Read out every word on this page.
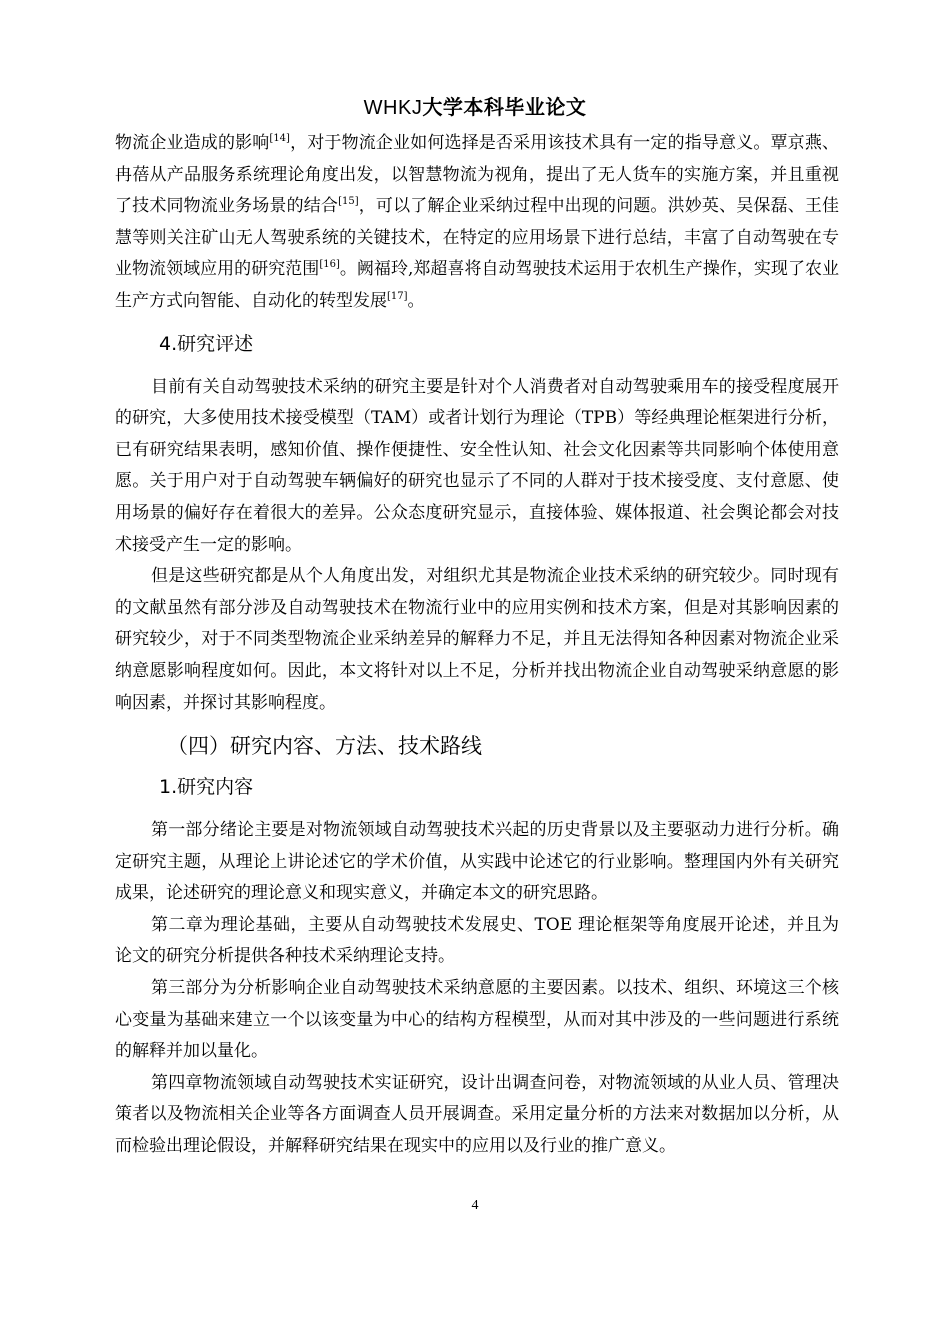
WHKJ大学本科毕业论文

物流企业造成的影响[14]，对于物流企业如何选择是否采用该技术具有一定的指导意义。覃京燕、冉蓓从产品服务系统理论角度出发，以智慧物流为视角，提出了无人货车的实施方案，并且重视了技术同物流业务场景的结合[15]，可以了解企业采纳过程中出现的问题。洪妙英、吴保磊、王佳慧等则关注矿山无人驾驶系统的关键技术，在特定的应用场景下进行总结，丰富了自动驾驶在专业物流领域应用的研究范围[16]。阙福玲,郑超喜将自动驾驶技术运用于农机生产操作，实现了农业生产方式向智能、自动化的转型发展[17]。

4.研究评述

目前有关自动驾驶技术采纳的研究主要是针对个人消费者对自动驾驶乘用车的接受程度展开的研究，大多使用技术接受模型（TAM）或者计划行为理论（TPB）等经典理论框架进行分析，已有研究结果表明，感知价值、操作便捷性、安全性认知、社会文化因素等共同影响个体使用意愿。关于用户对于自动驾驶车辆偏好的研究也显示了不同的人群对于技术接受度、支付意愿、使用场景的偏好存在着很大的差异。公众态度研究显示，直接体验、媒体报道、社会舆论都会对技术接受产生一定的影响。

但是这些研究都是从个人角度出发，对组织尤其是物流企业技术采纳的研究较少。同时现有的文献虽然有部分涉及自动驾驶技术在物流行业中的应用实例和技术方案，但是对其影响因素的研究较少，对于不同类型物流企业采纳差异的解释力不足，并且无法得知各种因素对物流企业采纳意愿影响程度如何。因此，本文将针对以上不足，分析并找出物流企业自动驾驶采纳意愿的影响因素，并探讨其影响程度。

（四）研究内容、方法、技术路线
1.研究内容

第一部分绪论主要是对物流领域自动驾驶技术兴起的历史背景以及主要驱动力进行分析。确定研究主题，从理论上讲论述它的学术价值，从实践中论述它的行业影响。整理国内外有关研究成果，论述研究的理论意义和现实意义，并确定本文的研究思路。

第二章为理论基础，主要从自动驾驶技术发展史、TOE 理论框架等角度展开论述，并且为论文的研究分析提供各种技术采纳理论支持。

第三部分为分析影响企业自动驾驶技术采纳意愿的主要因素。以技术、组织、环境这三个核心变量为基础来建立一个以该变量为中心的结构方程模型，从而对其中涉及的一些问题进行系统的解释并加以量化。

第四章物流领域自动驾驶技术实证研究，设计出调查问卷，对物流领域的从业人员、管理决策者以及物流相关企业等各方面调查人员开展调查。采用定量分析的方法来对数据加以分析，从而检验出理论假设，并解释研究结果在现实中的应用以及行业的推广意义。

4
